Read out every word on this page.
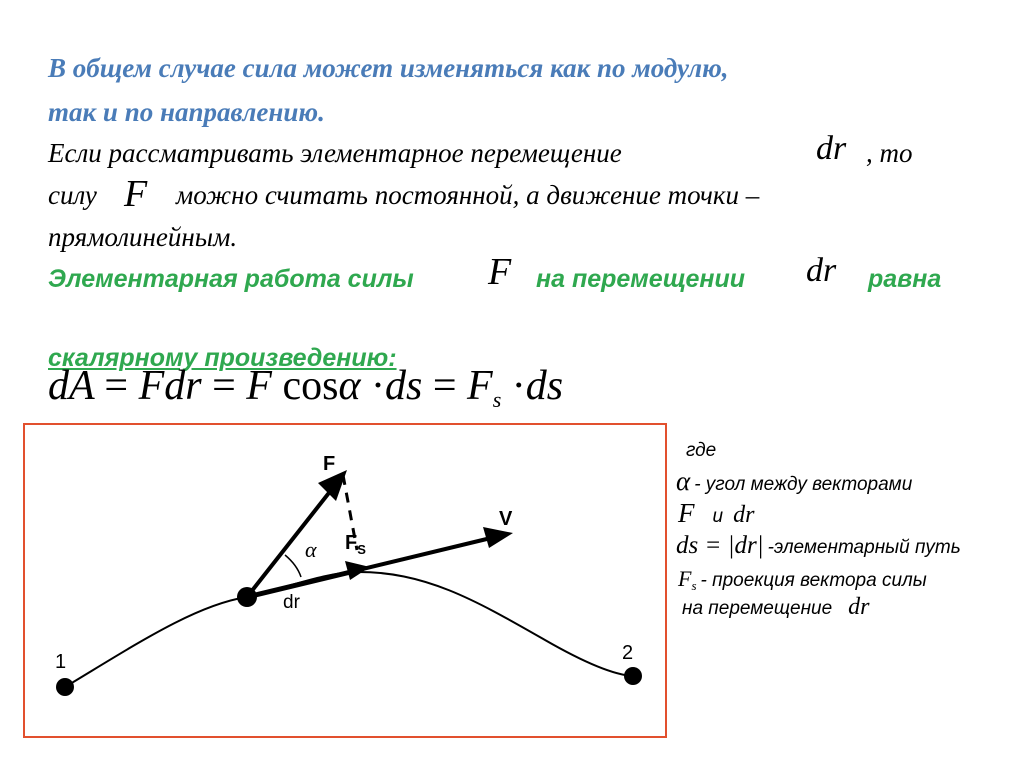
В общем случае сила может изменяться как по модулю,
так и по направлению.
Если рассматривать элементарное перемещение	dr , то
силу F можно считать постоянной, а движение точки –
прямолинейным.
Элементарная работа силы F на перемещении dr равна
скалярному произведению:
dA = Fdr = F $\cos\alpha \cdot ds = F_s \cdot ds$
F
V
$F_S$
α
dr
1	2
где
α - угол между векторами
F и dr
ds = |dr| -элементарный путь
$F_s$ - проекция вектора силы
на перемещение dr
